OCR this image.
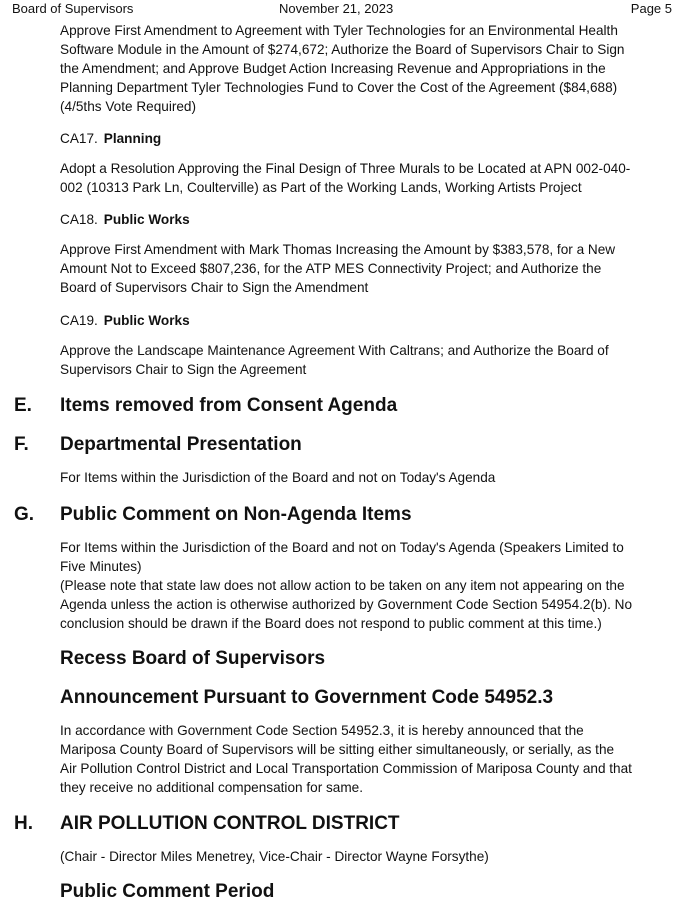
Board of Supervisors	November 21, 2023	Page 5

Approve First Amendment to Agreement with Tyler Technologies for an Environmental Health
Software Module in the Amount of $274,672; Authorize the Board of Supervisors Chair to Sign
the Amendment; and Approve Budget Action Increasing Revenue and Appropriations in the
Planning Department Tyler Technologies Fund to Cover the Cost of the Agreement ($84,688)
(4/5ths Vote Required)

CA17. Planning

Adopt a Resolution Approving the Final Design of Three Murals to be Located at APN 002-040-
002 (10313 Park Ln, Coulterville) as Part of the Working Lands, Working Artists Project

CA18. Public Works

Approve First Amendment with Mark Thomas Increasing the Amount by $383,578, for a New
Amount Not to Exceed $807,236, for the ATP MES Connectivity Project; and Authorize the
Board of Supervisors Chair to Sign the Amendment

CA19. Public Works

Approve the Landscape Maintenance Agreement With Caltrans; and Authorize the Board of
Supervisors Chair to Sign the Agreement

E. Items removed from Consent Agenda
F. Departmental Presentation

For Items within the Jurisdiction of the Board and not on Today's Agenda

G. Public Comment on Non-Agenda Items

For Items within the Jurisdiction of the Board and not on Today's Agenda (Speakers Limited to
Five Minutes)
(Please note that state law does not allow action to be taken on any item not appearing on the
Agenda unless the action is otherwise authorized by Government Code Section 54954.2(b). No
conclusion should be drawn if the Board does not respond to public comment at this time.)

Recess Board of Supervisors
Announcement Pursuant to Government Code 54952.3

In accordance with Government Code Section 54952.3, it is hereby announced that the
Mariposa County Board of Supervisors will be sitting either simultaneously, or serially, as the
Air Pollution Control District and Local Transportation Commission of Mariposa County and that
they receive no additional compensation for same.

H. AIR POLLUTION CONTROL DISTRICT

(Chair - Director Miles Menetrey, Vice-Chair - Director Wayne Forsythe)

Public Comment Period
